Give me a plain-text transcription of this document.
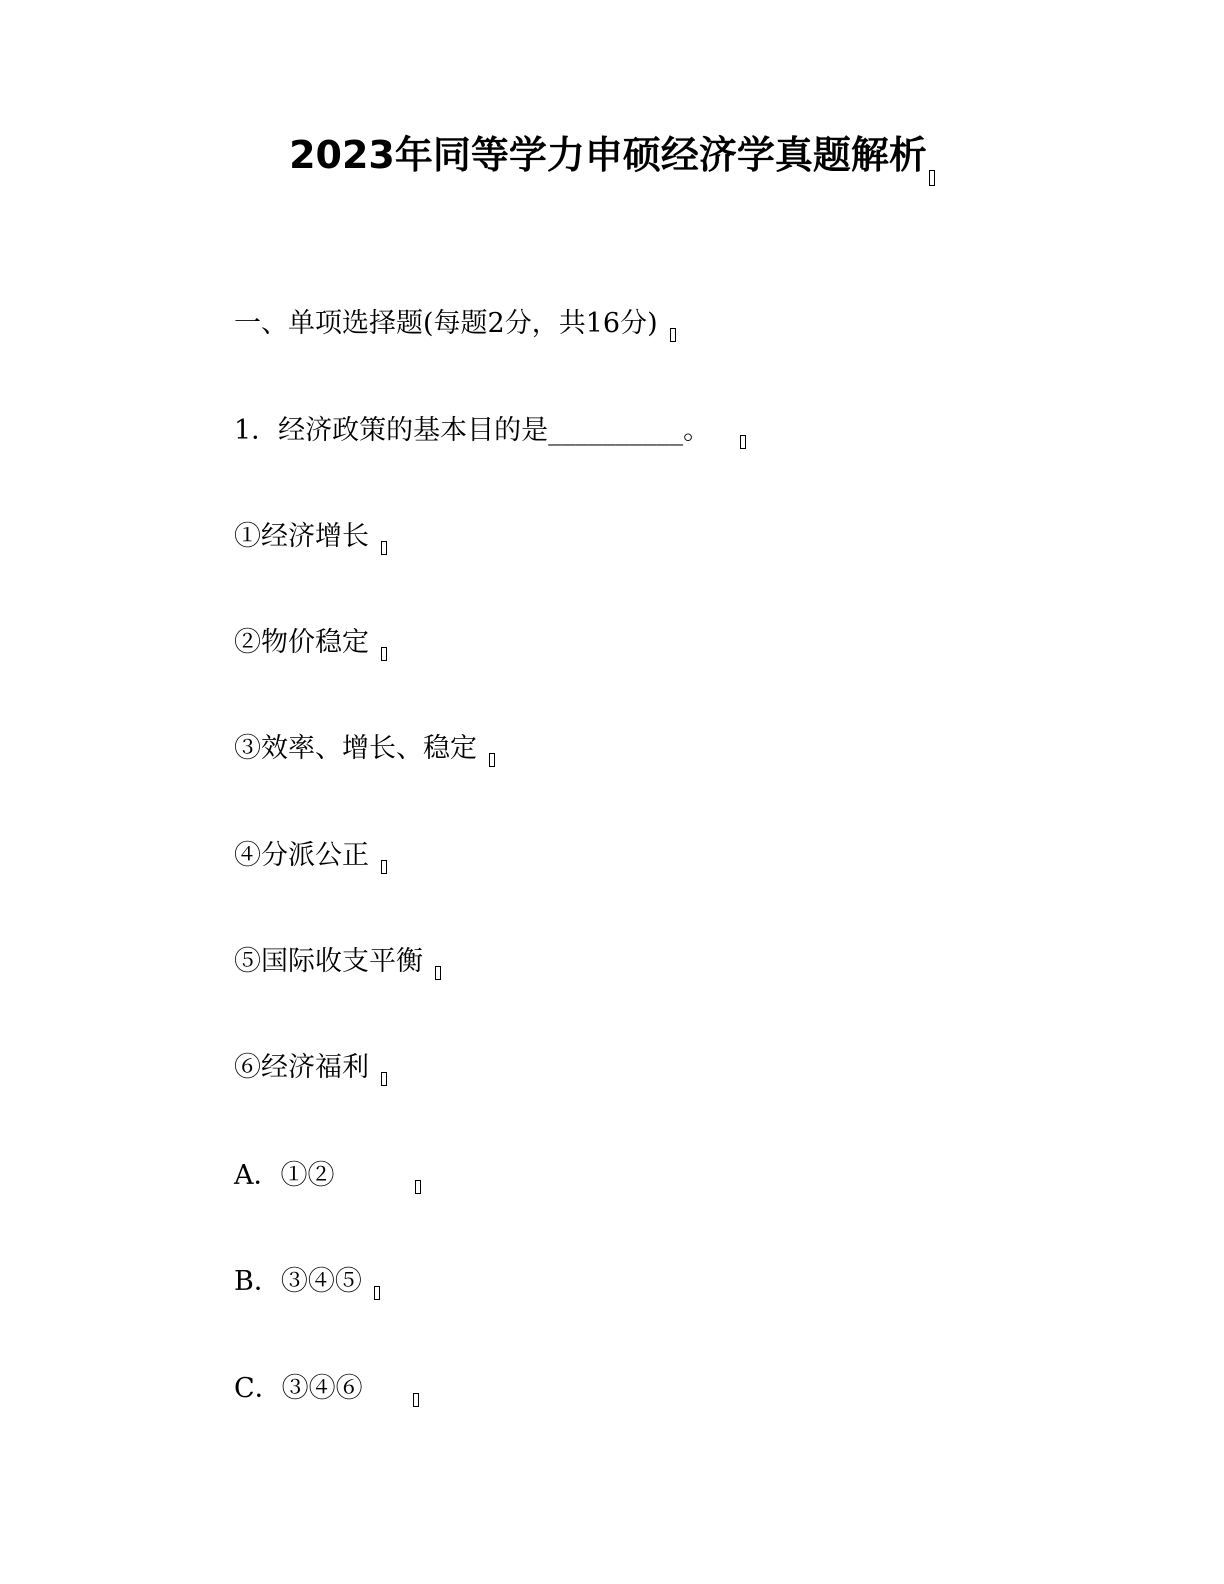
2023年同等学力申硕经济学真题解析
一、单项选择题(每题2分，共16分)
1．经济政策的基本目的是__________。
①经济增长
②物价稳定
③效率、增长、稳定
④分派公正
⑤国际收支平衡
⑥经济福利
A．①②
B．③④⑤
C．③④⑥
